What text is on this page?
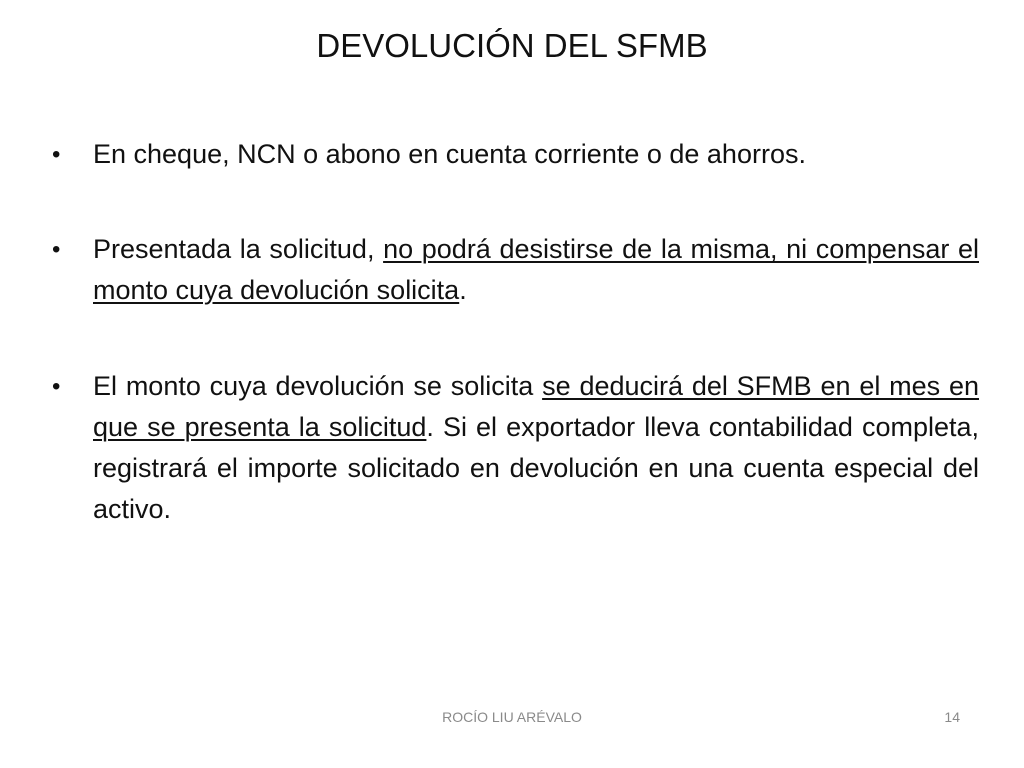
DEVOLUCIÓN DEL SFMB
•	En cheque, NCN o abono en cuenta corriente o de ahorros.
•	Presentada la solicitud, no podrá desistirse de la misma, ni compensar el monto cuya devolución solicita.
•	El monto cuya devolución se solicita se deducirá del SFMB en el mes en que se presenta la solicitud. Si el exportador lleva contabilidad completa, registrará el importe solicitado en devolución en una cuenta especial del activo.
ROCÍO LIU ARÉVALO	14
